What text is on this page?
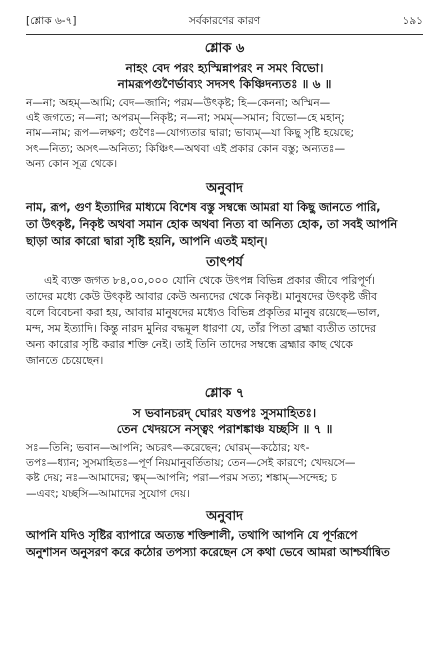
[শ্লোক ৬-৭]	সর্বকারণের কারণ	১৯১
শ্লোক ৬
নাহং বেদ পরং হ্যস্মিন্নাপরং ন সমং বিভো।
নামরূপগুণৈর্ভাব্যং সদসৎ কিঞ্চিদন্যতঃ ॥ ৬ ॥
ন—না; অহম্—আমি; বেদ—জানি; পরম—উৎকৃষ্ট; হি—কেননা; অস্মিন—
এই জগতে; ন—না; অপরম্—নিকৃষ্ট; ন—না; সমম্—সমান; বিভো—হে মহান্;
নাম—নাম; রূপ—লক্ষণ; গুণৈঃ—যোগ্যতার দ্বারা; ভাব্যম্—যা কিছু সৃষ্টি হয়েছে;
সৎ—নিত্য; অসৎ—অনিত্য; কিঞ্চিৎ—অথবা এই প্রকার কোন বস্তু; অন্যতঃ—
অন্য কোন সূত্র থেকে।
অনুবাদ
নাম, রূপ, গুণ ইত্যাদির মাধ্যমে বিশেষ বস্তু সম্বন্ধে আমরা যা কিছু জানতে পারি,
তা উৎকৃষ্ট, নিকৃষ্ট অথবা সমান হোক অথবা নিত্য বা অনিত্য হোক, তা সবই আপনি
ছাড়া আর কারো দ্বারা সৃষ্টি হয়নি, আপনি এতই মহান্।
তাৎপর্য
এই ব্যক্ত জগত ৮৪,০০,০০০ যোনি থেকে উৎপন্ন বিভিন্ন প্রকার জীবে পরিপূর্ণ।
তাদের মধ্যে কেউ উৎকৃষ্ট আবার কেউ অন্যদের থেকে নিকৃষ্ট। মানুষদের উৎকৃষ্ট জীব
বলে বিবেচনা করা হয়, আবার মানুষদের মধ্যেও বিভিন্ন প্রকৃতির মানুষ রয়েছে—ভাল,
মন্দ, সম ইত্যাদি। কিন্তু নারদ মুনির বদ্ধমূল ধারণা যে, তাঁর পিতা ব্রহ্মা ব্যতীত তাদের
অন্য কারোর সৃষ্টি করার শক্তি নেই। তাই তিনি তাদের সম্বন্ধে ব্রহ্মার কাছ থেকে
জানতে চেয়েছেন।
শ্লোক ৭
স ভবানচরদ্ ঘোরং যত্তপঃ সুসমাহিতঃ।
তেন খেদয়সে নস্ত্বং পরাশঙ্কাঞ্চ যচ্ছসি ॥ ৭ ॥
সঃ—তিনি; ভবান—আপনি; অচরৎ—করেছেন; ঘোরম্—কঠোর; যৎ-
তপঃ—ধ্যান; সুসমাহিতঃ—পূর্ণ নিয়মানুবর্তিতায়; তেন—সেই কারণে; খেদয়সে—
কষ্ট দেয়; নঃ—আমাদের; ত্বম্—আপনি; পরা—পরম সত্য; শঙ্কাম্—সন্দেহ; চ
—এবং; যচ্ছসি—আমাদের সুযোগ দেয়।
অনুবাদ
আপনি যদিও সৃষ্টির ব্যাপারে অত্যন্ত শক্তিশালী, তথাপি আপনি যে পূর্ণরূপে
অনুশাসন অনুসরণ করে কঠোর তপস্যা করেছেন সে কথা ভেবে আমরা আশ্চর্যান্বিত
